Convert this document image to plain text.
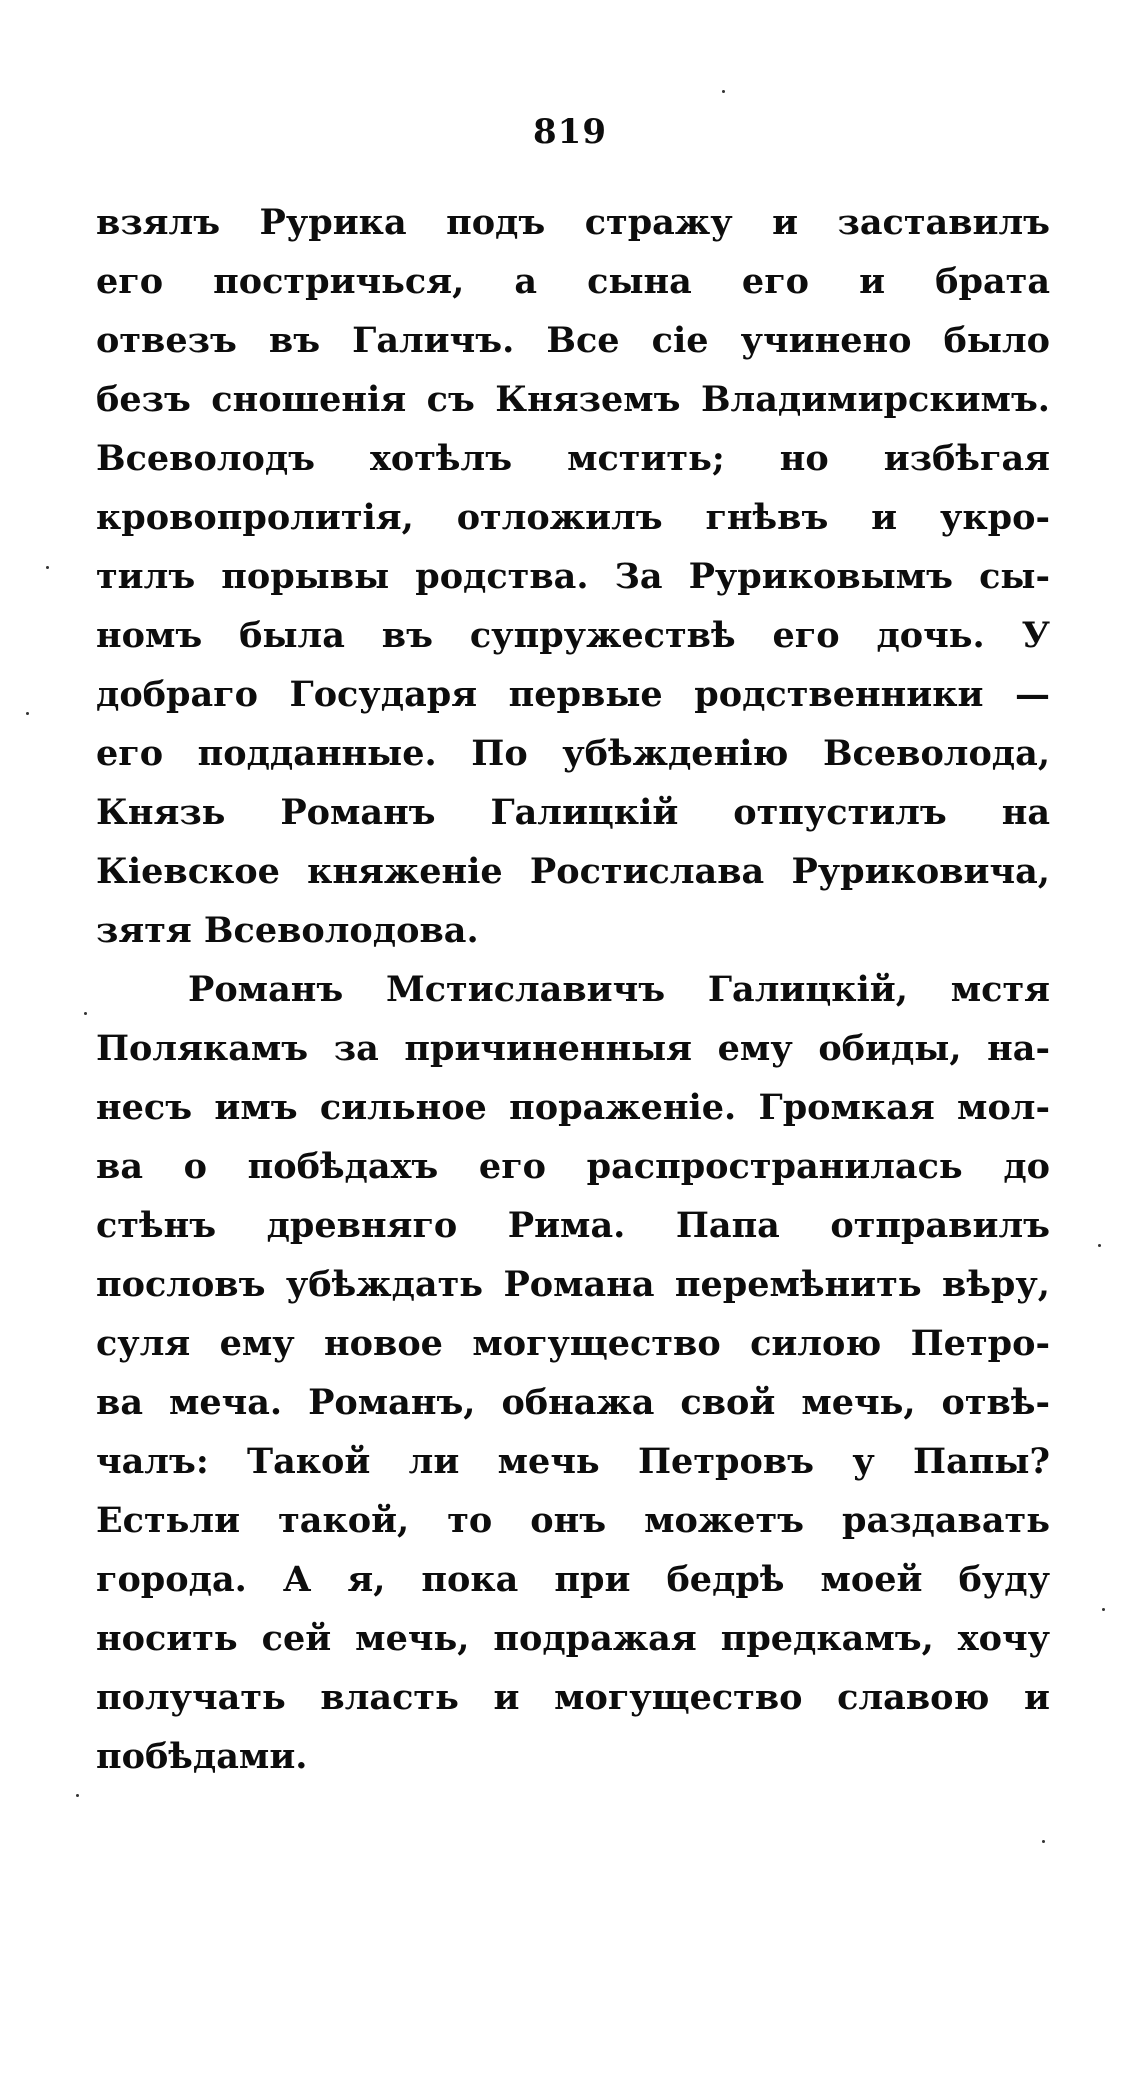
819
взялъ Рурика подъ стражу и заставилъ
его постричься, а сына его и брата
отвезъ въ Галичъ. Все сіе учинено было
безъ сношенія съ Княземъ Владимирскимъ.
Всеволодъ хотѣлъ мстить; но избѣгая
кровопролитія, отложилъ гнѣвъ и укро-
тилъ порывы родства. За Руриковымъ сы-
номъ была въ супружествѣ его дочь. У
добраго Государя первые родственники —
его подданные. По убѣжденію Всеволода,
Князь Романъ Галицкій отпустилъ на
Кіевское княженіе Ростислава Рурикoвича,
зятя Всеволодова.
Романъ Мстиславичъ Галицкій, мстя
Полякамъ за причиненныя ему обиды, на-
несъ имъ сильное пораженіе. Громкая мол-
ва о побѣдахъ его распространилась до
стѣнъ древняго Рима. Папа отправилъ
пословъ убѣждать Романа перемѣнить вѣру,
суля ему новое могущество силою Петро-
ва меча. Романъ, обнажа свой мечь, отвѣ-
чалъ: Такой ли мечь Петровъ у Папы?
Естьли такой, то онъ можетъ раздавать
города. А я, пока при бедрѣ моей буду
носить сей мечь, подражая предкамъ, хочу
получать власть и могущество славою и
побѣдами.
